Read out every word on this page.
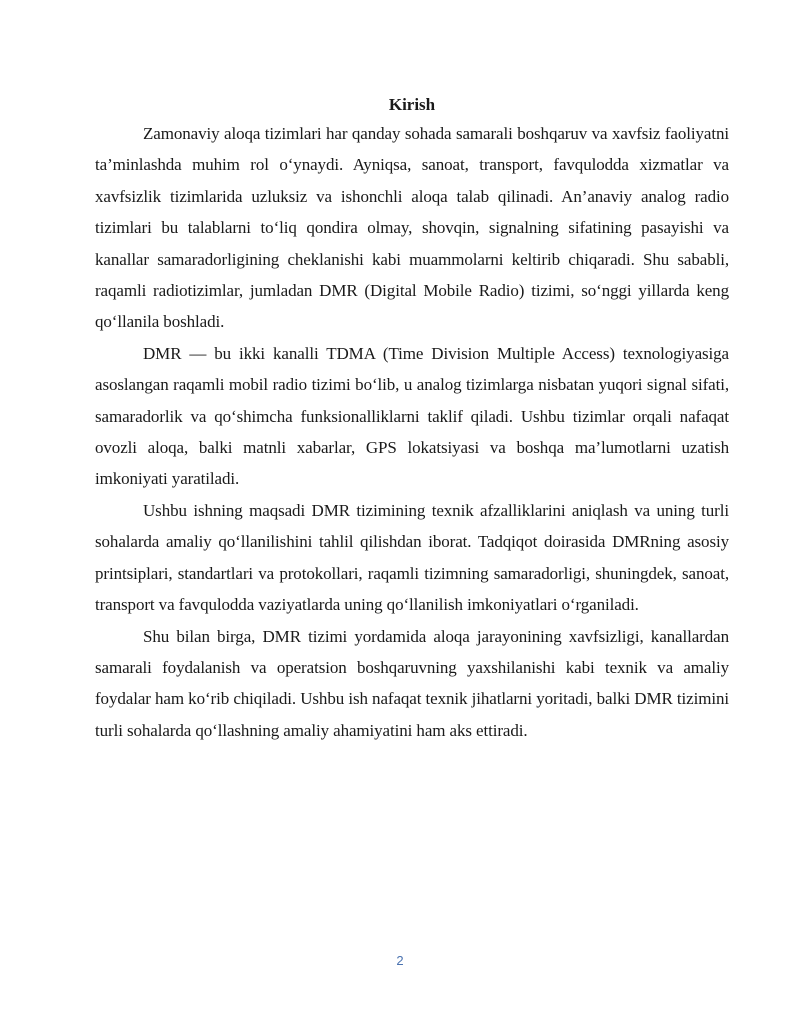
Kirish

Zamonaviy aloqa tizimlari har qanday sohada samarali boshqaruv va xavfsiz faoliyatni ta’minlashda muhim rol o‘ynaydi. Ayniqsa, sanoat, transport, favqulodda xizmatlar va xavfsizlik tizimlarida uzluksiz va ishonchli aloqa talab qilinadi. An’anaviy analog radio tizimlari bu talablarni to‘liq qondira olmay, shovqin, signalning sifatining pasayishi va kanallar samaradorligining cheklanishi kabi muammolarni keltirib chiqaradi. Shu sababli, raqamli radiotizimlar, jumladan DMR (Digital Mobile Radio) tizimi, so‘nggi yillarda keng qo‘llanila boshladi.

DMR — bu ikki kanalli TDMA (Time Division Multiple Access) texnologiyasiga asoslangan raqamli mobil radio tizimi bo‘lib, u analog tizimlarga nisbatan yuqori signal sifati, samaradorlik va qo‘shimcha funksionalliklarni taklif qiladi. Ushbu tizimlar orqali nafaqat ovozli aloqa, balki matnli xabarlar, GPS lokatsiyasi va boshqa ma’lumotlarni uzatish imkoniyati yaratiladi.

Ushbu ishning maqsadi DMR tizimining texnik afzalliklarini aniqlash va uning turli sohalarda amaliy qo‘llanilishini tahlil qilishdan iborat. Tadqiqot doirasida DMRning asosiy printsiplari, standartlari va protokollari, raqamli tizimning samaradorligi, shuningdek, sanoat, transport va favqulodda vaziyatlarda uning qo‘llanilish imkoniyatlari o‘rganiladi.

Shu bilan birga, DMR tizimi yordamida aloqa jarayonining xavfsizligi, kanallardan samarali foydalanish va operatsion boshqaruvning yaxshilanishi kabi texnik va amaliy foydalar ham ko‘rib chiqiladi. Ushbu ish nafaqat texnik jihatlarni yoritadi, balki DMR tizimini turli sohalarda qo‘llashning amaliy ahamiyatini ham aks ettiradi.

2
